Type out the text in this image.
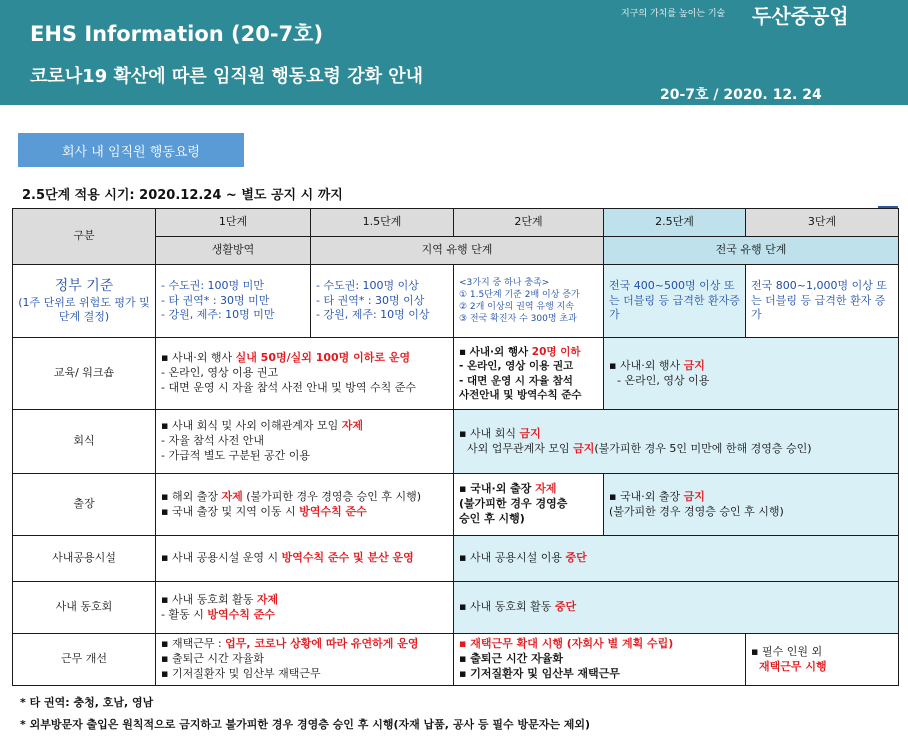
EHS Information (20-7호)
코로나19 확산에 따른 임직원 행동요령 강화 안내
지구의 가치를 높이는 기술 두산중공업
20-7호 / 2020. 12. 24
회사 내 임직원 행동요령
2.5단계 적용 시기: 2020.12.24 ~ 별도 공지 시 까지
구분	1단계	1.5단계	2단계	2.5단계	3단계
	생활방역	지역 유행 단계		전국 유행 단계	

정부 기준
(1주 단위로 위험도 평가 및 단계 결정)	- 수도권: 100명 미만
- 타 권역* : 30명 미만
- 강원, 제주: 10명 미만	- 수도권: 100명 이상
- 타 권역* : 30명 이상
- 강원, 제주: 10명 이상	<3가지 중 하나 충족>
① 1.5단계 기준 2배 이상 증가
② 2개 이상의 권역 유행 지속
③ 전국 확진자 수 300명 초과	전국 400~500명 이상 또는 더블링 등 급격한 환자증가	전국 800~1,000명 이상 또는 더블링 등 급격한 환자 증가
교육/ 워크숍	▪ 사내·외 행사 실내 50명/실외 100명 이하로 운영
- 온라인, 영상 이용 권고
- 대면 운영 시 자율 참석 사전 안내 및 방역 수칙 준수		▪ 사내·외 행사 20명 이하
- 온라인, 영상 이용 권고
- 대면 운영 시 자율 참석
사전안내 및 방역수칙 준수	▪ 사내·외 행사 금지
- 온라인, 영상 이용	

회식	▪ 사내 회식 및 사외 이해관계자 모임 자제
- 자율 참석 사전 안내
- 가급적 별도 구분된 공간 이용		▪ 사내 회식 금지
사외 업무관계자 모임 금지(불가피한 경우 5인 미만에 한해 경영층 승인)		

출장	▪ 해외 출장 자제 (불가피한 경우 경영층 승인 후 시행)
▪ 국내 출장 및 지역 이동 시 방역수칙 준수		▪ 국내·외 출장 자제
(불가피한 경우 경영층
승인 후 시행)	▪ 국내·외 출장 금지
(불가피한 경우 경영층 승인 후 시행)	

사내공용시설	▪ 사내 공용시설 운영 시 방역수칙 준수 및 분산 운영		▪ 사내 공용시설 이용 중단		

사내 동호회	▪ 사내 동호회 활동 자제
- 활동 시 방역수칙 준수		▪ 사내 동호회 활동 중단		

근무 개선	▪ 재택근무 : 업무, 코로나 상황에 따라 유연하게 운영
▪ 출퇴근 시간 자율화
▪ 기저질환자 및 임산부 재택근무		▪ 재택근무 확대 시행 (자회사 별 계획 수립)
▪ 출퇴근 시간 자율화
▪ 기저질환자 및 임산부 재택근무		▪ 필수 인원 외
재택근무 시행
* 타 권역: 충청, 호남, 영남
* 외부방문자 출입은 원칙적으로 금지하고 불가피한 경우 경영층 승인 후 시행(자재 납품, 공사 등 필수 방문자는 제외)
